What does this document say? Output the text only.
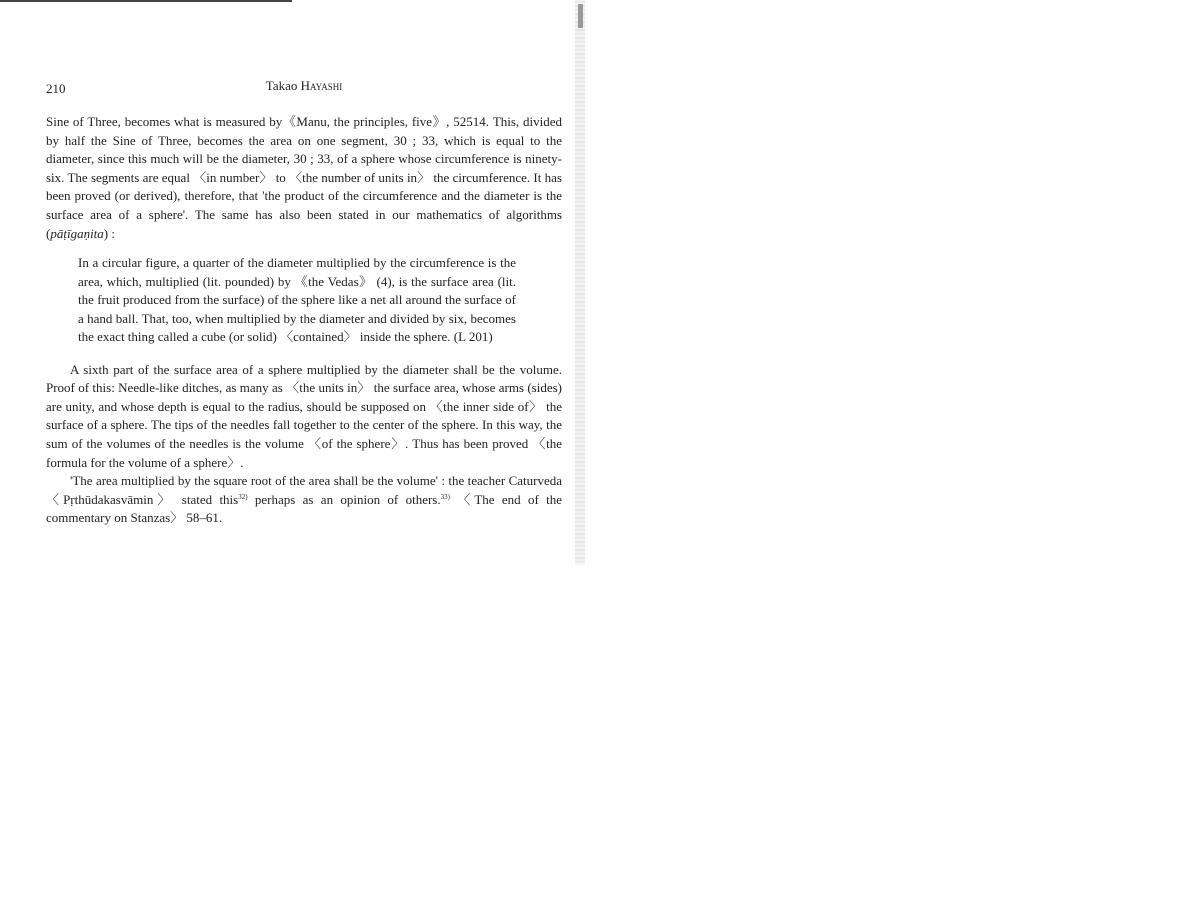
210	Takao Hayashi

Sine of Three, becomes what is measured by《Manu, the principles, five》, 52514. This, divided by half the Sine of Three, becomes the area on one segment, 30 ; 33, which is equal to the diameter, since this much will be the diameter, 30 ; 33, of a sphere whose circumference is ninety-six. The segments are equal 〈in number〉 to 〈the number of units in〉 the circumference. It has been proved (or derived), therefore, that 'the product of the circumference and the diameter is the surface area of a sphere'. The same has also been stated in our mathematics of algorithms (pāṭīgaṇita) :

In a circular figure, a quarter of the diameter multiplied by the circumference is the area, which, multiplied (lit. pounded) by 《the Vedas》 (4), is the surface area (lit. the fruit produced from the surface) of the sphere like a net all around the surface of a hand ball. That, too, when multiplied by the diameter and divided by six, becomes the exact thing called a cube (or solid) 〈contained〉 inside the sphere. (L 201)

A sixth part of the surface area of a sphere multiplied by the diameter shall be the volume. Proof of this: Needle-like ditches, as many as 〈the units in〉 the surface area, whose arms (sides) are unity, and whose depth is equal to the radius, should be supposed on 〈the inner side of〉 the surface of a sphere. The tips of the needles fall together to the center of the sphere. In this way, the sum of the volumes of the needles is the volume 〈of the sphere〉. Thus has been proved 〈the formula for the volume of a sphere〉.

'The area multiplied by the square root of the area shall be the volume' : the teacher Caturveda 〈Pṛthūdakasvāmin〉 stated this$^{32)}$ perhaps as an opinion of others.$^{33)}$ 〈The end of the commentary on Stanzas〉 58–61.
